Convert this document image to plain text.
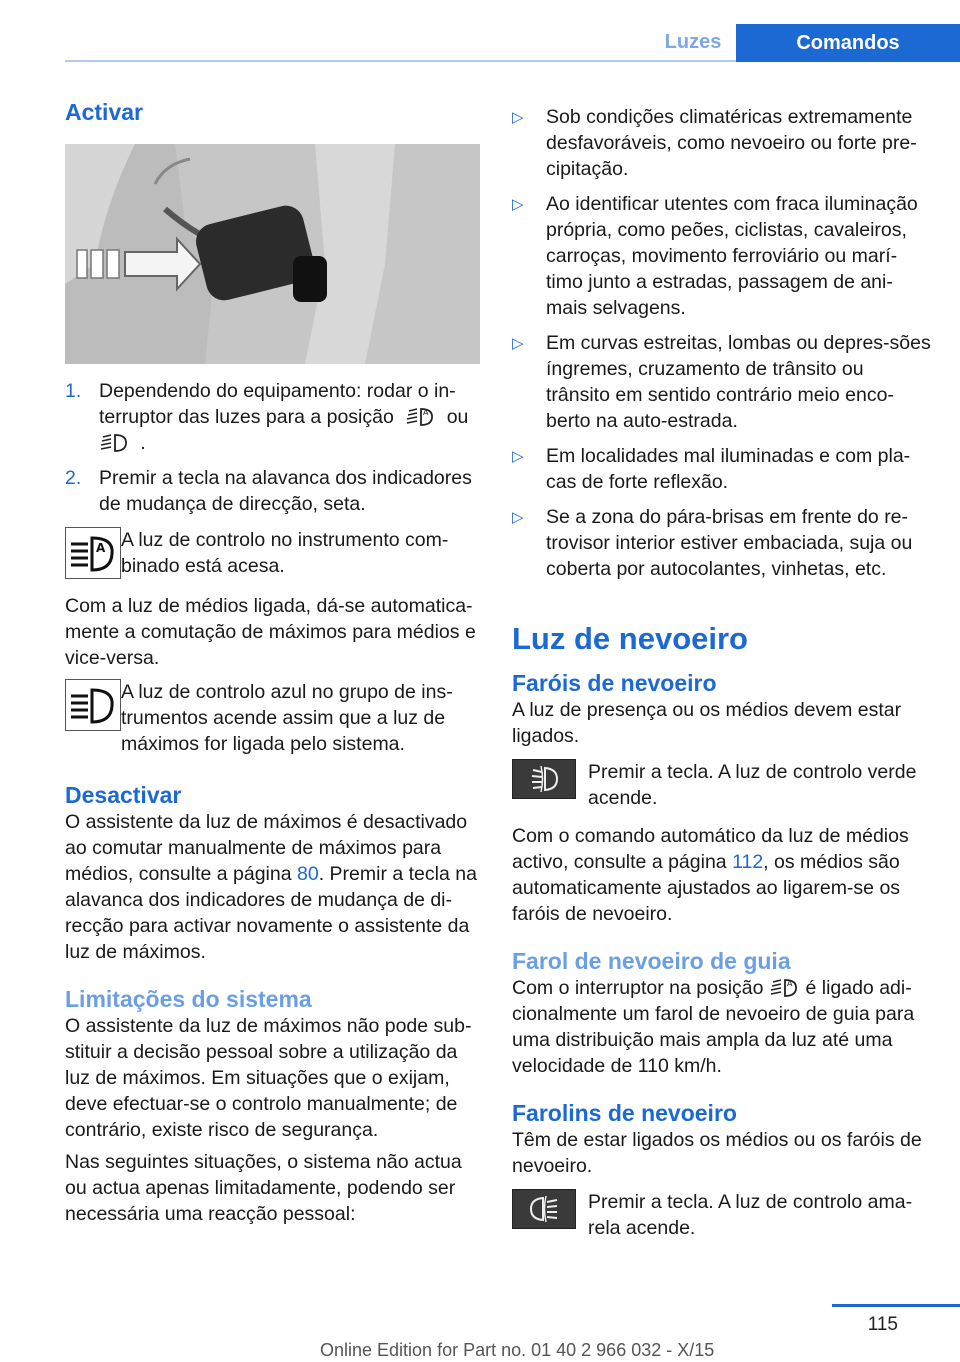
Luzes	Comandos
Activar
1. Dependendo do equipamento: rodar o in-terruptor das luzes para a posição	A ou
.
2. Premir a tecla na alavanca dos indicadores de mudança de direcção, seta.
A A luz de controlo no instrumento com-binado está acesa.

Com a luz de médios ligada, dá-se automatica-mente a comutação de máximos para médios e vice-versa.

A luz de controlo azul no grupo de ins-trumentos acende assim que a luz de máximos for ligada pelo sistema.

Desactivar

O assistente da luz de máximos é desactivado ao comutar manualmente de máximos para médios, consulte a página 80. Premir a tecla na alavanca dos indicadores de mudança de di-recção para activar novamente o assistente da luz de máximos.

Limitações do sistema

O assistente da luz de máximos não pode sub-stituir a decisão pessoal sobre a utilização da luz de máximos. Em situações que o exijam, deve efectuar-se o controlo manualmente; de contrário, existe risco de segurança.

Nas seguintes situações, o sistema não actua ou actua apenas limitadamente, podendo ser necessária uma reacção pessoal:

▷ Sob condições climatéricas extremamente desfavoráveis, como nevoeiro ou forte pre-cipitação.
▷ Ao identificar utentes com fraca iluminação própria, como peões, ciclistas, cavaleiros, carroças, movimento ferroviário ou marí-timo junto a estradas, passagem de ani-mais selvagens.
▷ Em curvas estreitas, lombas ou depres-sões íngremes, cruzamento de trânsito ou trânsito em sentido contrário meio enco-berto na auto-estrada.
▷ Em localidades mal iluminadas e com pla-cas de forte reflexão.
▷ Se a zona do pára-brisas em frente do re-trovisor interior estiver embaciada, suja ou coberta por autocolantes, vinhetas, etc.
Luz de nevoeiro
Faróis de nevoeiro

A luz de presença ou os médios devem estar ligados.

Premir a tecla. A luz de controlo verde acende.

Com o comando automático da luz de médios activo, consulte a página 112, os médios são automaticamente ajustados ao ligarem-se os faróis de nevoeiro.

Farol de nevoeiro de guia

Com o interruptor na posição	A é ligado adi-cionalmente um farol de nevoeiro de guia para uma distribuição mais ampla da luz até uma velocidade de 110 km/h.

Farolins de nevoeiro

Têm de estar ligados os médios ou os faróis de nevoeiro.

Premir a tecla. A luz de controlo ama-rela acende.

115
Online Edition for Part no. 01 40 2 966 032 - X/15
